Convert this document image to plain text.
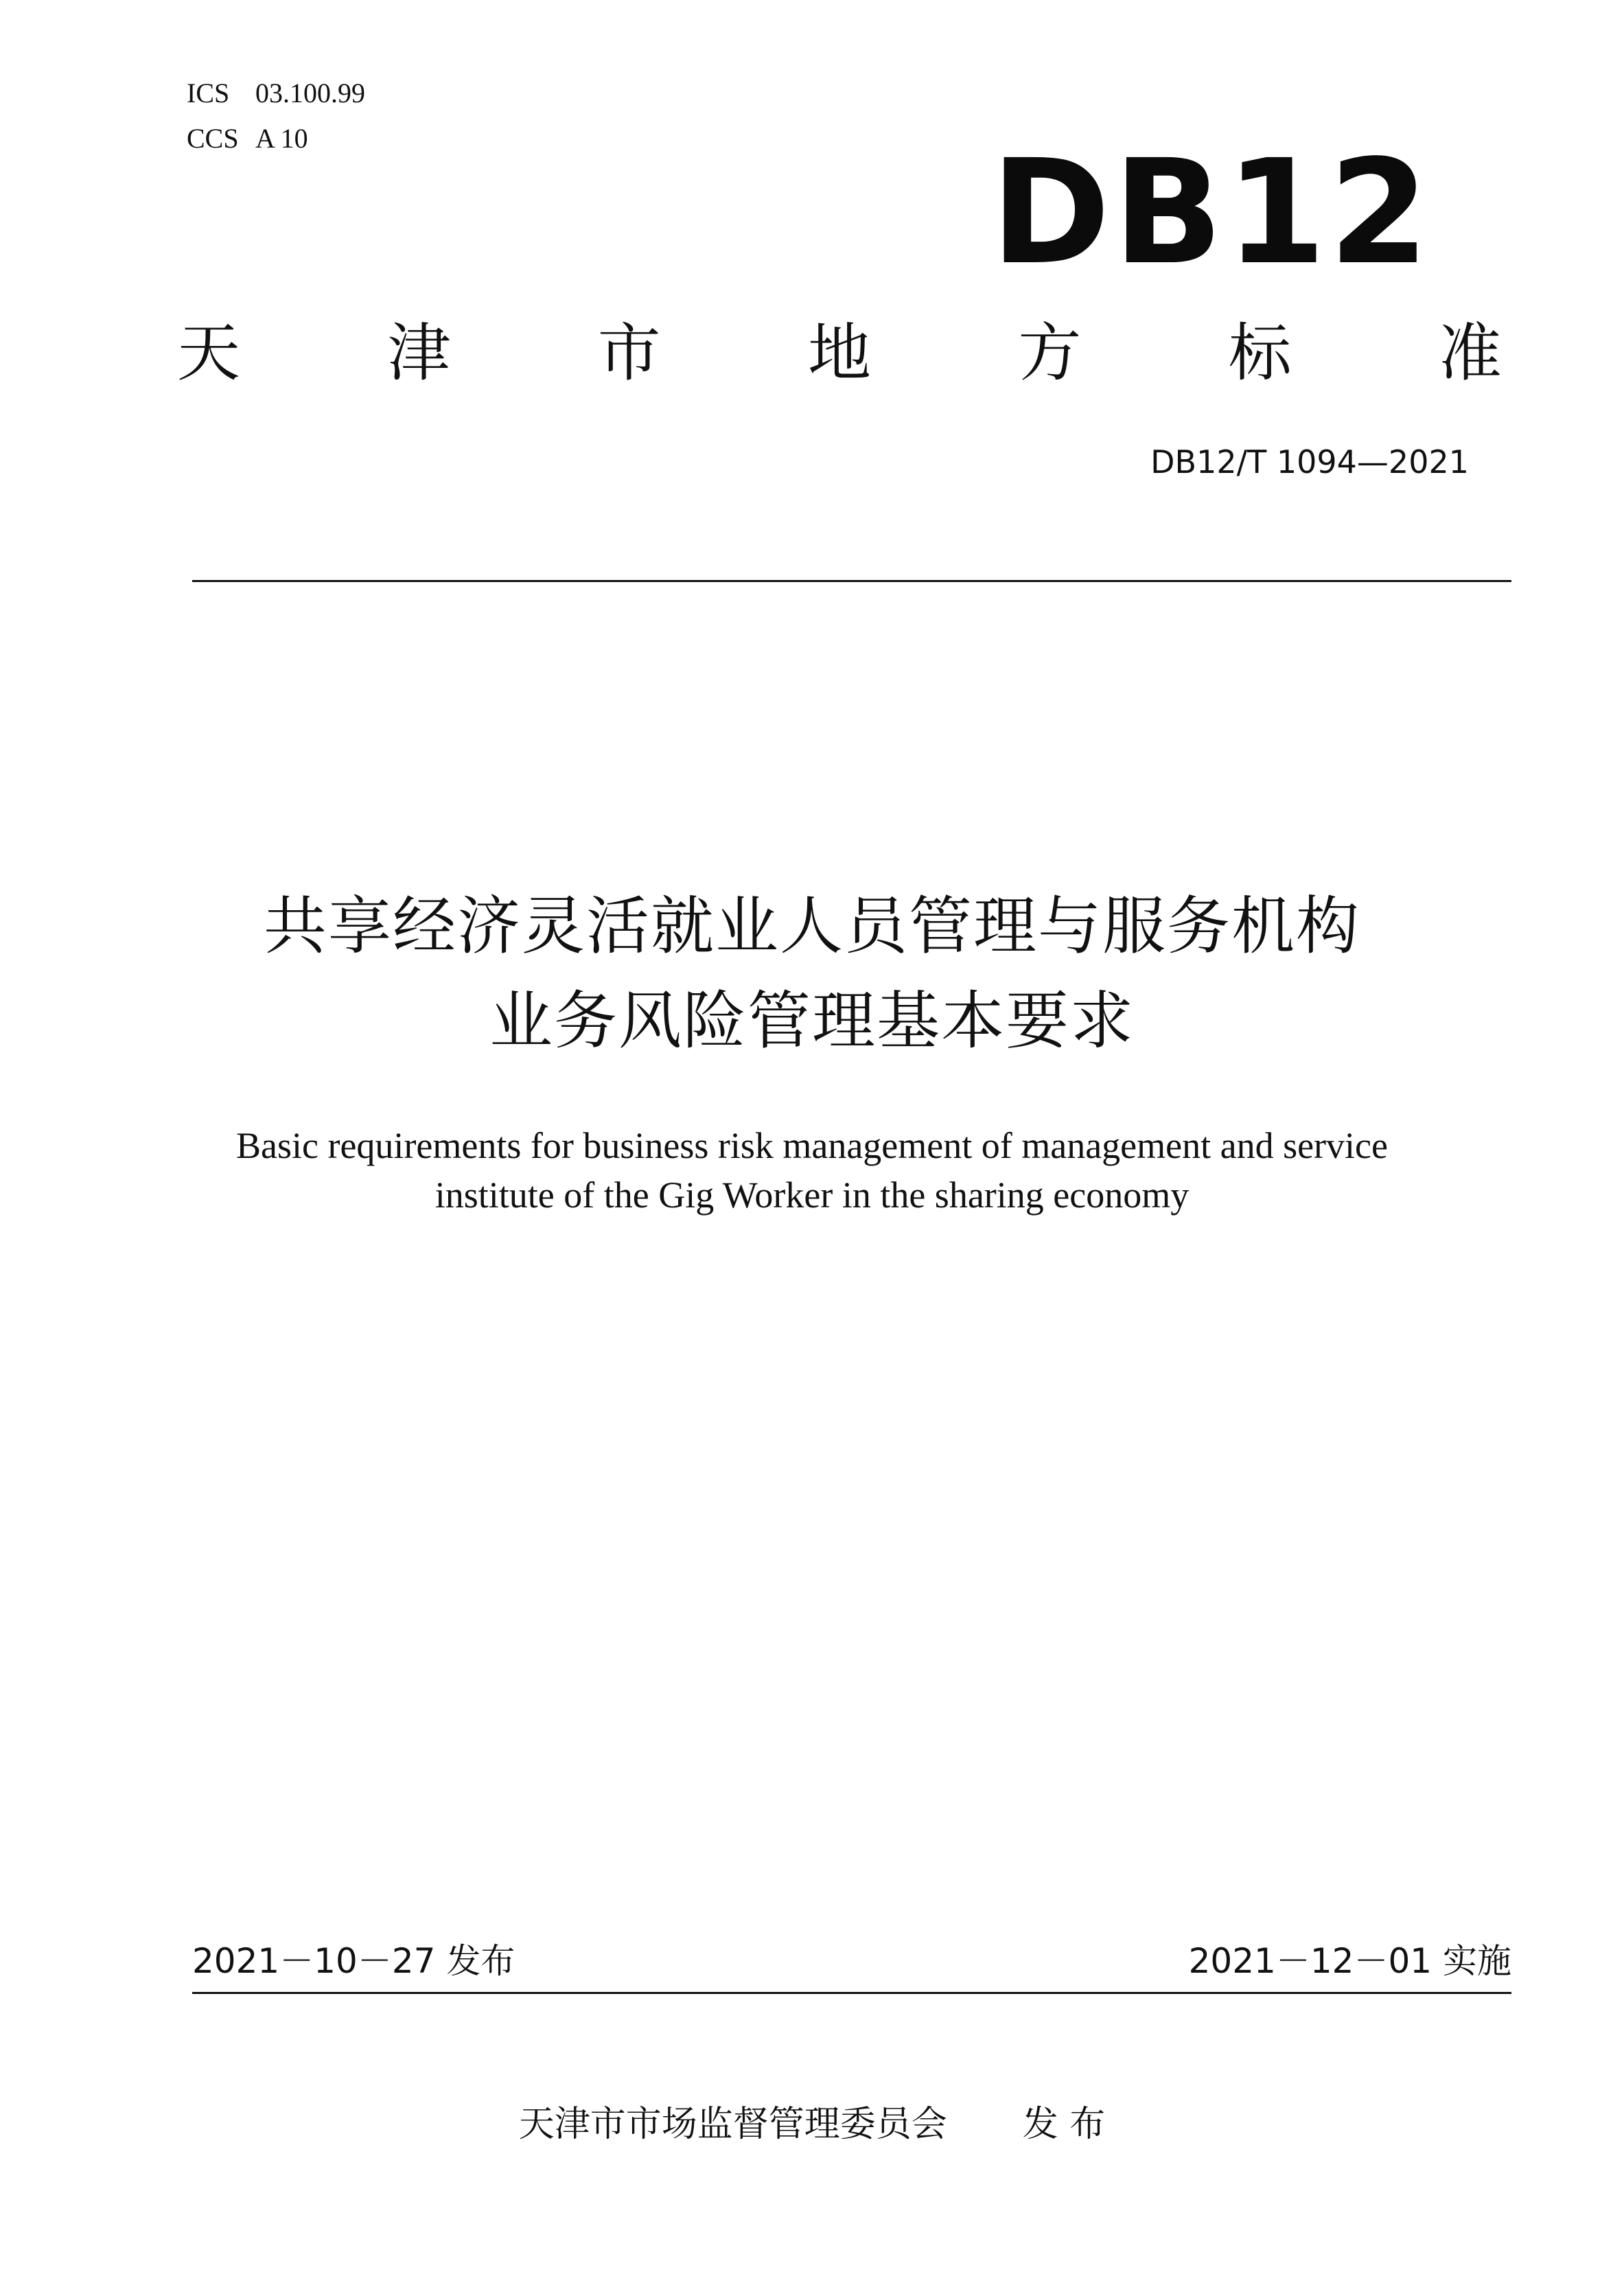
ICS 03.100.99
CCS A 10	DB12
天 津 市 地 方 标 准
DB12/T 1094—2021
共享经济灵活就业人员管理与服务机构
业务风险管理基本要求
Basic requirements for business risk management of management and service
institute of the Gig Worker in the sharing economy
2021－10－27 发布	2021－12－01 实施
天津市市场监督管理委员会 发 布
